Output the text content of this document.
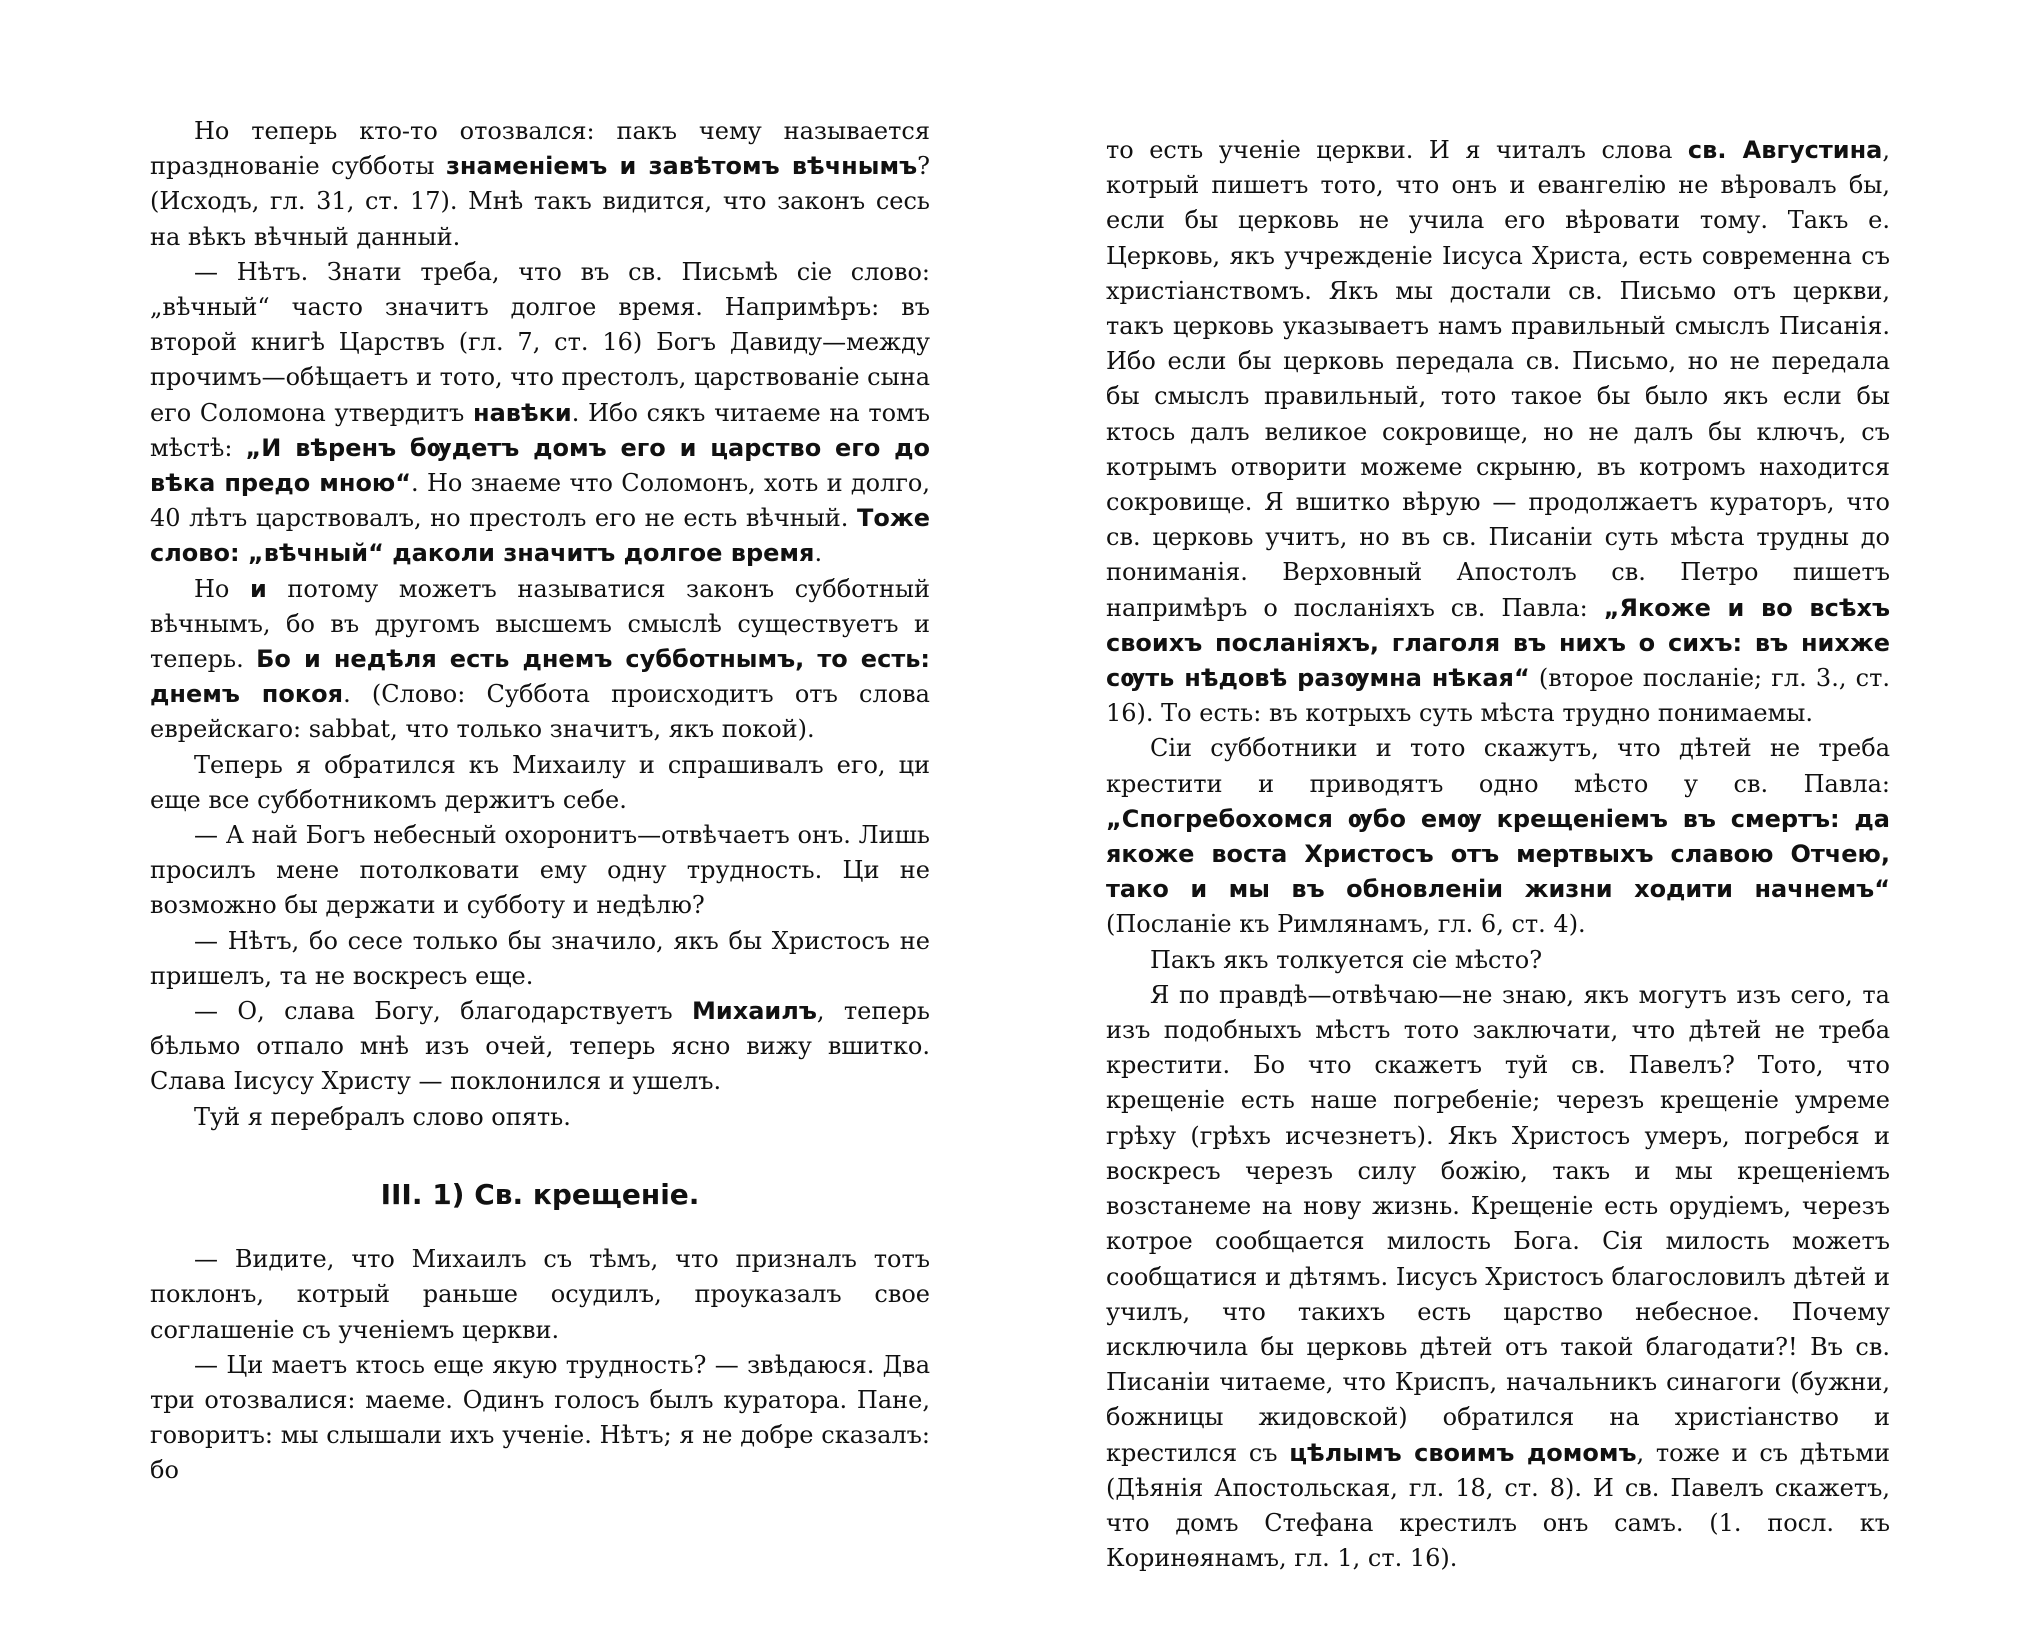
Но теперь кто-то отозвался: пакъ чему называется празднованіе субботы знаменіемъ и завѣтомъ вѣчнымъ? (Исходъ, гл. 31, ст. 17). Мнѣ такъ видится, что законъ сесь на вѣкъ вѣчный данный.

— Нѣтъ. Знати треба, что въ св. Письмѣ сіе слово: „вѣчный“ часто значитъ долгое время. Напримѣръ: въ второй книгѣ Царствъ (гл. 7, ст. 16) Богъ Давиду—между прочимъ—обѣщаетъ и тото, что престолъ, царствованіе сына его Соломона утвердитъ навѣки. Ибо сякъ читаеме на томъ мѣстѣ: „И вѣренъ бѹдетъ домъ его и царство его до вѣка предо мною“. Но знаеме что Соломонъ, хоть и долго, 40 лѣтъ царствовалъ, но престолъ его не есть вѣчный. Тоже слово: „вѣчный“ даколи значитъ долгое время.

Но и потому можетъ называтися законъ субботный вѣчнымъ, бо въ другомъ высшемъ смыслѣ существуетъ и теперь. Бо и недѣля есть днемъ субботнымъ, то есть: днемъ покоя. (Слово: Суббота происходитъ отъ слова еврейскаго: sabbat, что только значитъ, якъ покой).

Теперь я обратился къ Михаилу и спрашивалъ его, ци еще все субботникомъ держитъ себе.

— А най Богъ небесный охоронитъ—отвѣчаетъ онъ. Лишь просилъ мене потолковати ему одну трудность. Ци не возможно бы держати и субботу и недѣлю?

— Нѣтъ, бо сесе только бы значило, якъ бы Христосъ не пришелъ, та не воскресъ еще.

— О, слава Богу, благодарствуетъ Михаилъ, теперь бѣльмо отпало мнѣ изъ очей, теперь ясно вижу вшитко. Слава Іисусу Христу — поклонился и ушелъ.

Туй я перебралъ слово опять.

III. 1) Св. крещеніе.

— Видите, что Михаилъ съ тѣмъ, что призналъ тотъ поклонъ, котрый раньше осудилъ, проуказалъ свое соглашеніе съ ученіемъ церкви.

— Ци маетъ ктось еще якую трудность? — звѣдаюся. Два три отозвалися: маеме. Одинъ голосъ былъ куратора. Пане, говоритъ: мы слышали ихъ ученіе. Нѣтъ; я не добре сказалъ: бо

то есть ученіе церкви. И я читалъ слова св. Августина, котрый пишетъ тото, что онъ и евангелію не вѣровалъ бы, если бы церковь не учила его вѣровати тому. Такъ е. Церковь, якъ учрежденіе Іисуса Христа, есть современна съ христіанствомъ. Якъ мы достали св. Письмо отъ церкви, такъ церковь указываетъ намъ правильный смыслъ Писанія. Ибо если бы церковь передала св. Письмо, но не передала бы смыслъ правильный, тото такое бы было якъ если бы ктось далъ великое сокровище, но не далъ бы ключъ, съ котрымъ отворити можеме скрыню, въ котромъ находится сокровище. Я вшитко вѣрую — продолжаетъ кураторъ, что св. церковь учитъ, но въ св. Писаніи суть мѣста трудны до пониманія. Верховный Апостолъ св. Петро пишетъ напримѣръ о посланіяхъ св. Павла: „Якоже и во всѣхъ своихъ посланіяхъ, глаголя въ нихъ о сихъ: въ нихже сѹть нѣдовѣ разѹмна нѣкая“ (второе посланіе; гл. 3., ст. 16). То есть: въ котрыхъ суть мѣста трудно понимаемы.

Сіи субботники и тото скажутъ, что дѣтей не треба крестити и приводятъ одно мѣсто у св. Павла: „Спогребохомся ѹбо емѹ крещеніемъ въ смертъ: да якоже воста Христосъ отъ мертвыхъ славою Отчею, тако и мы въ обновленіи жизни ходити начнемъ“ (Посланіе къ Римлянамъ, гл. 6, ст. 4).

Пакъ якъ толкуется сіе мѣсто?

Я по правдѣ—отвѣчаю—не знаю, якъ могутъ изъ сего, та изъ подобныхъ мѣстъ тото заключати, что дѣтей не треба крестити. Бо что скажетъ туй св. Павелъ? Тото, что крещеніе есть наше погребеніе; черезъ крещеніе умреме грѣху (грѣхъ исчезнетъ). Якъ Христосъ умеръ, погребся и воскресъ черезъ силу божію, такъ и мы крещеніемъ возстанеме на нову жизнь. Крещеніе есть орудіемъ, черезъ котрое сообщается милость Бога. Сія милость можетъ сообщатися и дѣтямъ. Іисусъ Христосъ благословилъ дѣтей и училъ, что такихъ есть царство небесное. Почему исключила бы церковь дѣтей отъ такой благодати?! Въ св. Писаніи читаеме, что Криспъ, начальникъ синагоги (бужни, божницы жидовской) обратился на христіанство и крестился съ цѣлымъ своимъ домомъ, тоже и съ дѣтьми (Дѣянія Апостольская, гл. 18, ст. 8). И св. Павелъ скажетъ, что домъ Стефана крестилъ онъ самъ. (1. посл. къ Коринѳянамъ, гл. 1, ст. 16).
